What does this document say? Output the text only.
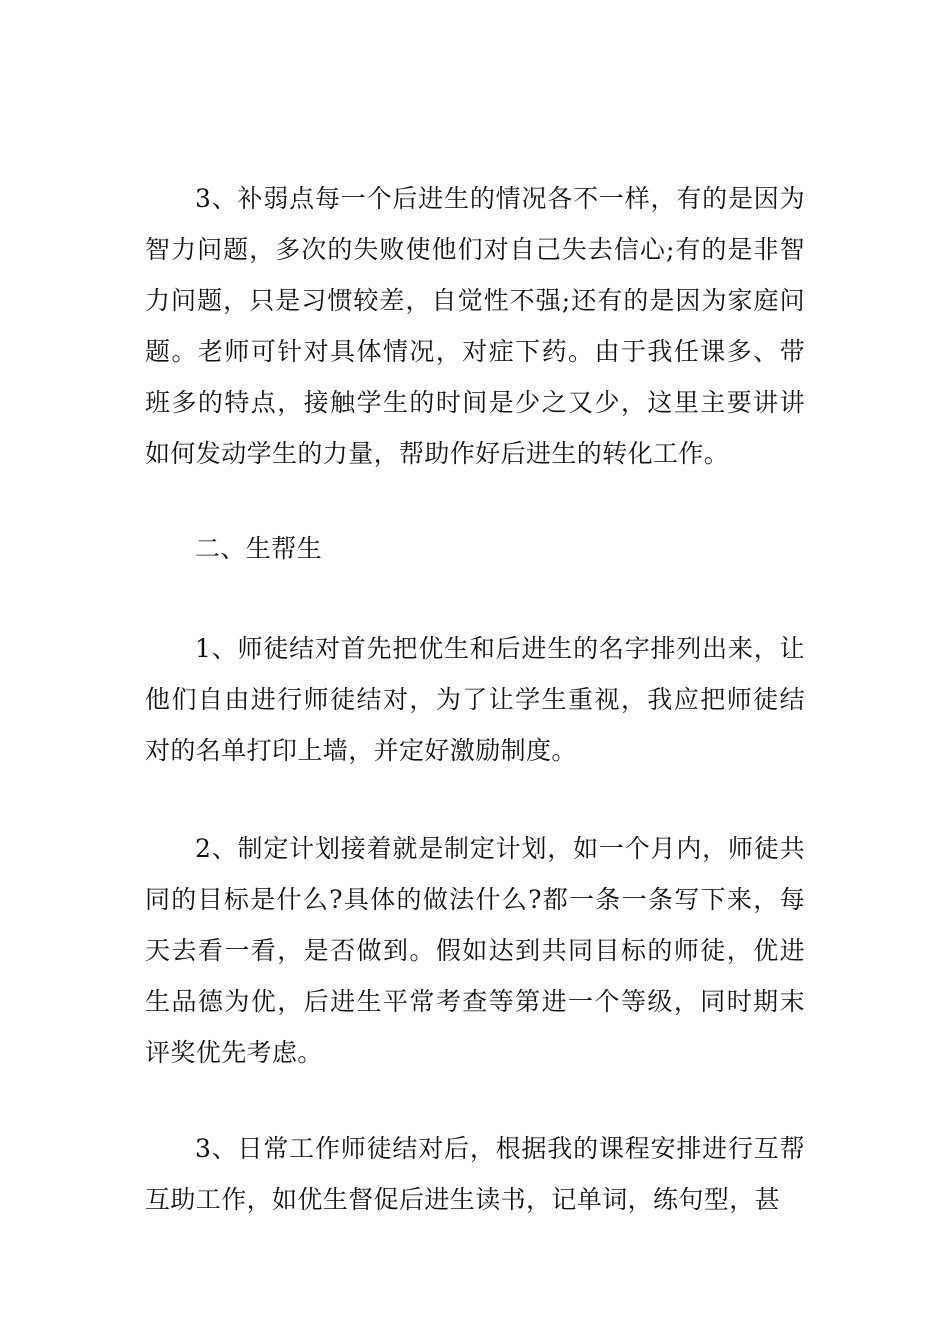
3、补弱点每一个后进生的情况各不一样，有的是因为智力问题，多次的失败使他们对自己失去信心;有的是非智力问题，只是习惯较差，自觉性不强;还有的是因为家庭问题。老师可针对具体情况，对症下药。由于我任课多、带班多的特点，接触学生的时间是少之又少，这里主要讲讲如何发动学生的力量，帮助作好后进生的转化工作。

二、生帮生

1、师徒结对首先把优生和后进生的名字排列出来，让他们自由进行师徒结对，为了让学生重视，我应把师徒结对的名单打印上墙，并定好激励制度。

2、制定计划接着就是制定计划，如一个月内，师徒共同的目标是什么?具体的做法什么?都一条一条写下来，每天去看一看，是否做到。假如达到共同目标的师徒，优进生品德为优，后进生平常考查等第进一个等级，同时期末评奖优先考虑。

3、日常工作师徒结对后，根据我的课程安排进行互帮互助工作，如优生督促后进生读书，记单词，练句型，甚
